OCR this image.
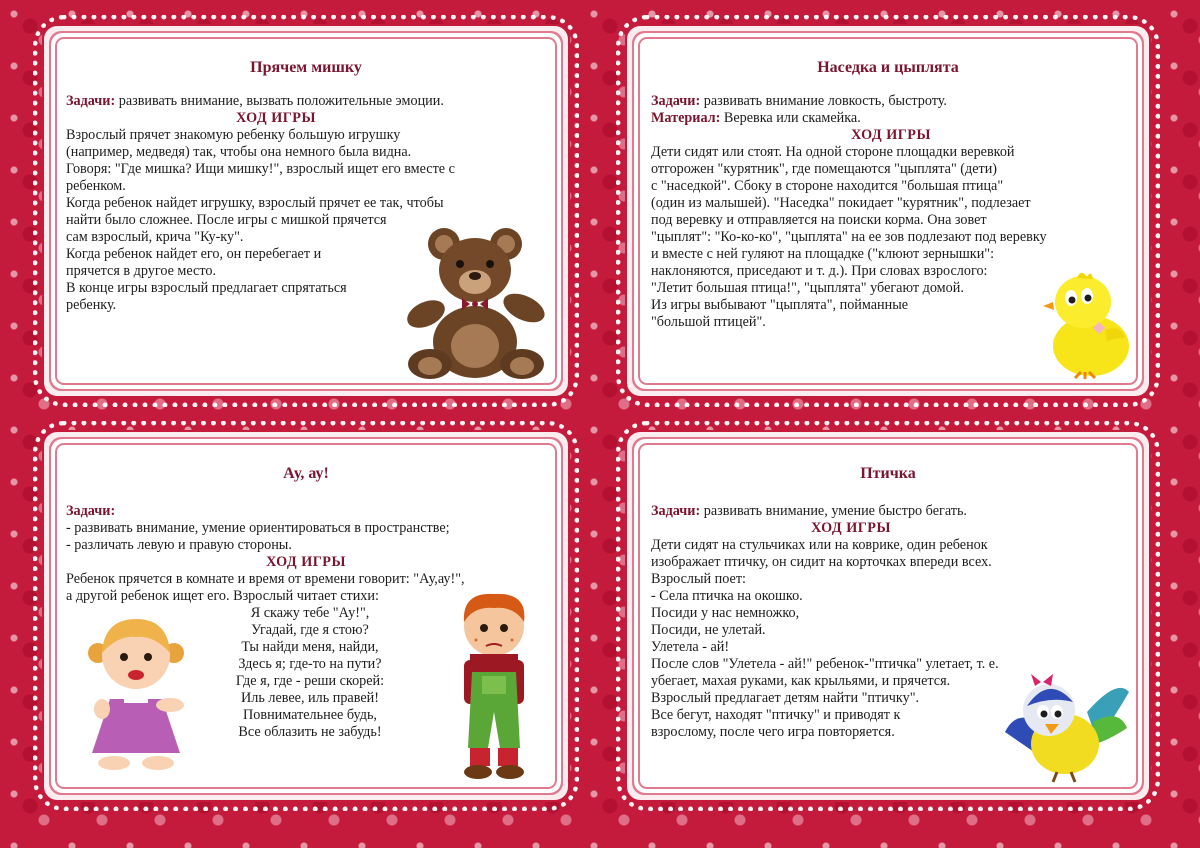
Прячем мишку

Задачи: развивать внимание, вызвать положительные эмоции.

ХОД ИГРЫ

Взрослый прячет знакомую ребенку большую игрушку

(например, медведя) так, чтобы она немного была видна.

Говоря: "Где мишка? Ищи мишку!", взрослый ищет его вместе с

ребенком.

Когда ребенок найдет игрушку, взрослый прячет ее так, чтобы

найти было сложнее. После игры с мишкой прячется

сам взрослый, крича "Ку-ку".

Когда ребенок найдет его, он перебегает и

прячется в другое место.

В конце игры взрослый предлагает спрятаться

ребенку.

Наседка и цыплята

Задачи: развивать внимание ловкость, быстроту.

Материал: Веревка или скамейка.

ХОД ИГРЫ

Дети сидят или стоят. На одной стороне площадки веревкой

отгорожен "курятник", где помещаются "цыплята" (дети)

с "наседкой". Сбоку в стороне находится "большая птица"

(один из малышей). "Наседка" покидает "курятник", подлезает

под веревку и отправляется на поиски корма. Она зовет

"цыплят": "Ко-ко-ко", "цыплята" на ее зов подлезают под веревку

и вместе с ней гуляют на площадке ("клюют зернышки":

наклоняются, приседают и т. д.). При словах взрослого:

"Летит большая птица!", "цыплята" убегают домой.

Из игры выбывают "цыплята", пойманные

"большой птицей".

Ау, ау!

Задачи:

- развивать внимание, умение ориентироваться в пространстве;

- различать левую и правую стороны.

ХОД ИГРЫ

Ребенок прячется в комнате и время от времени говорит: "Ау,ау!",

а другой ребенок ищет его. Взрослый читает стихи:

Я скажу тебе "Ау!",

Угадай, где я стою?

Ты найди меня, найди,

Здесь я; где-то на пути?

Где я, где - реши скорей:

Иль левее, иль правей!

Повнимательнее будь,

Все облазить не забудь!

Птичка

Задачи: развивать внимание, умение быстро бегать.

ХОД ИГРЫ

Дети сидят на стульчиках или на коврике, один ребенок

изображает птичку, он сидит на корточках впереди всех.

Взрослый поет:

- Села птичка на окошко.

Посиди у нас немножко,

Посиди, не улетай.

Улетела - ай!

После слов "Улетела - ай!" ребенок-"птичка" улетает, т. е.

убегает, махая руками, как крыльями, и прячется.

Взрослый предлагает детям найти "птичку".

Все бегут, находят "птичку" и приводят к

взрослому, после чего игра повторяется.
